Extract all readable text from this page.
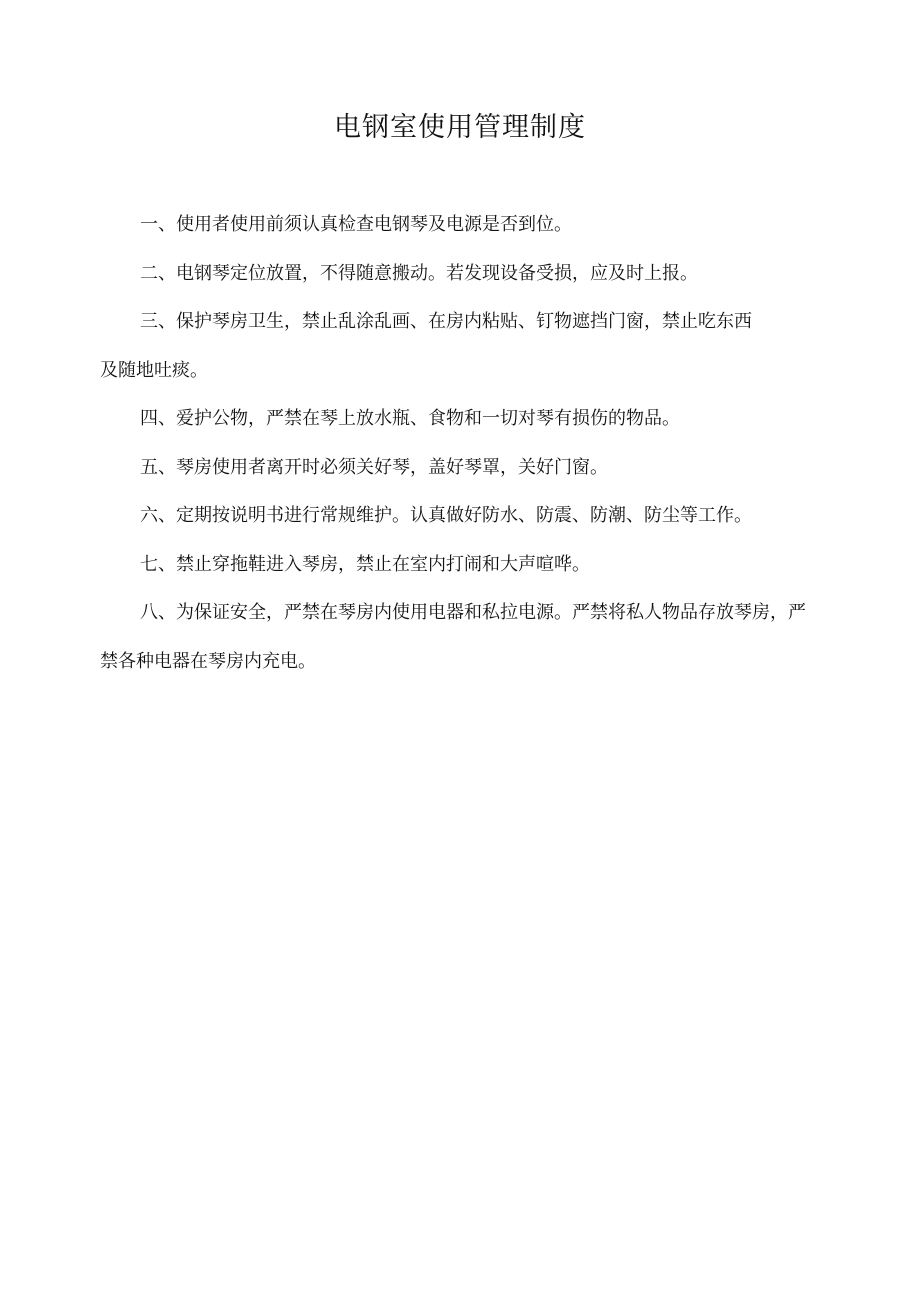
电钢室使用管理制度

一、使用者使用前须认真检查电钢琴及电源是否到位。

二、电钢琴定位放置，不得随意搬动。若发现设备受损，应及时上报。

三、保护琴房卫生，禁止乱涂乱画、在房内粘贴、钉物遮挡门窗，禁止吃东西及随地吐痰。

四、爱护公物，严禁在琴上放水瓶、食物和一切对琴有损伤的物品。

五、琴房使用者离开时必须关好琴，盖好琴罩，关好门窗。

六、定期按说明书进行常规维护。认真做好防水、防震、防潮、防尘等工作。

七、禁止穿拖鞋进入琴房，禁止在室内打闹和大声喧哗。

八、为保证安全，严禁在琴房内使用电器和私拉电源。严禁将私人物品存放琴房，严禁各种电器在琴房内充电。
